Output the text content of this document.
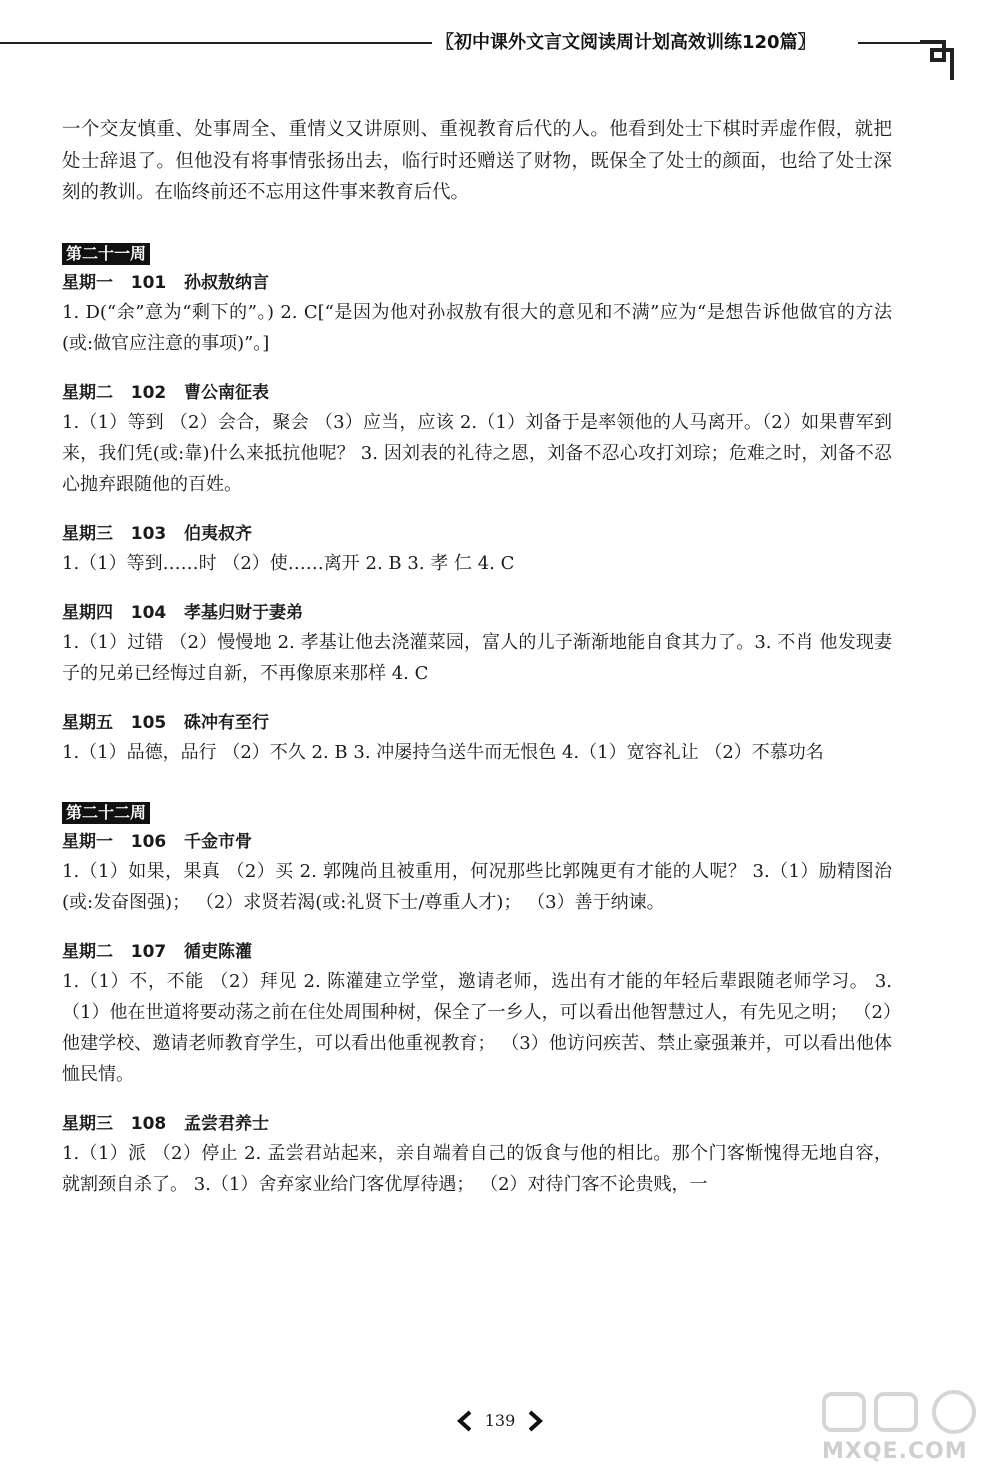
〖初中课外文言文阅读周计划高效训练120篇〗

一个交友慎重、处事周全、重情义又讲原则、重视教育后代的人。他看到处士下棋时弄虚作假，就把处士辞退了。但他没有将事情张扬出去，临行时还赠送了财物，既保全了处士的颜面，也给了处士深刻的教训。在临终前还不忘用这件事来教育后代。

第二十一周

星期一   101   孙叔敖纳言

1. D(“余”意为“剩下的”。) 2. C[“是因为他对孙叔敖有很大的意见和不满”应为“是想告诉他做官的方法(或:做官应注意的事项)”。]

星期二   102   曹公南征表

1.（1）等到 （2）会合，聚会 （3）应当，应该 2.（1）刘备于是率领他的人马离开。（2）如果曹军到来，我们凭(或:靠)什么来抵抗他呢？ 3. 因刘表的礼待之恩，刘备不忍心攻打刘琮；危难之时，刘备不忍心抛弃跟随他的百姓。

星期三   103   伯夷叔齐

1.（1）等到……时 （2）使……离开 2. B 3. 孝 仁 4. C

星期四   104   孝基归财于妻弟

1.（1）过错 （2）慢慢地 2. 孝基让他去浇灌菜园，富人的儿子渐渐地能自食其力了。3. 不肖 他发现妻子的兄弟已经悔过自新，不再像原来那样 4. C

星期五   105   硃冲有至行

1.（1）品德，品行 （2）不久 2. B 3. 冲屡持刍送牛而无恨色 4.（1）宽容礼让 （2）不慕功名

第二十二周

星期一   106   千金市骨

1.（1）如果，果真 （2）买 2. 郭隗尚且被重用，何况那些比郭隗更有才能的人呢？ 3.（1）励精图治(或:发奋图强)； （2）求贤若渴(或:礼贤下士/尊重人才)； （3）善于纳谏。

星期二   107   循吏陈灌

1.（1）不，不能 （2）拜见 2. 陈灌建立学堂，邀请老师，选出有才能的年轻后辈跟随老师学习。 3.（1）他在世道将要动荡之前在住处周围种树，保全了一乡人，可以看出他智慧过人，有先见之明； （2）他建学校、邀请老师教育学生，可以看出他重视教育； （3）他访问疾苦、禁止豪强兼并，可以看出他体恤民情。

星期三   108   孟尝君养士

1.（1）派 （2）停止 2. 孟尝君站起来，亲自端着自己的饭食与他的相比。那个门客惭愧得无地自容，就割颈自杀了。 3.（1）舍弃家业给门客优厚待遇； （2）对待门客不论贵贱，一

139
MXQE.COM
